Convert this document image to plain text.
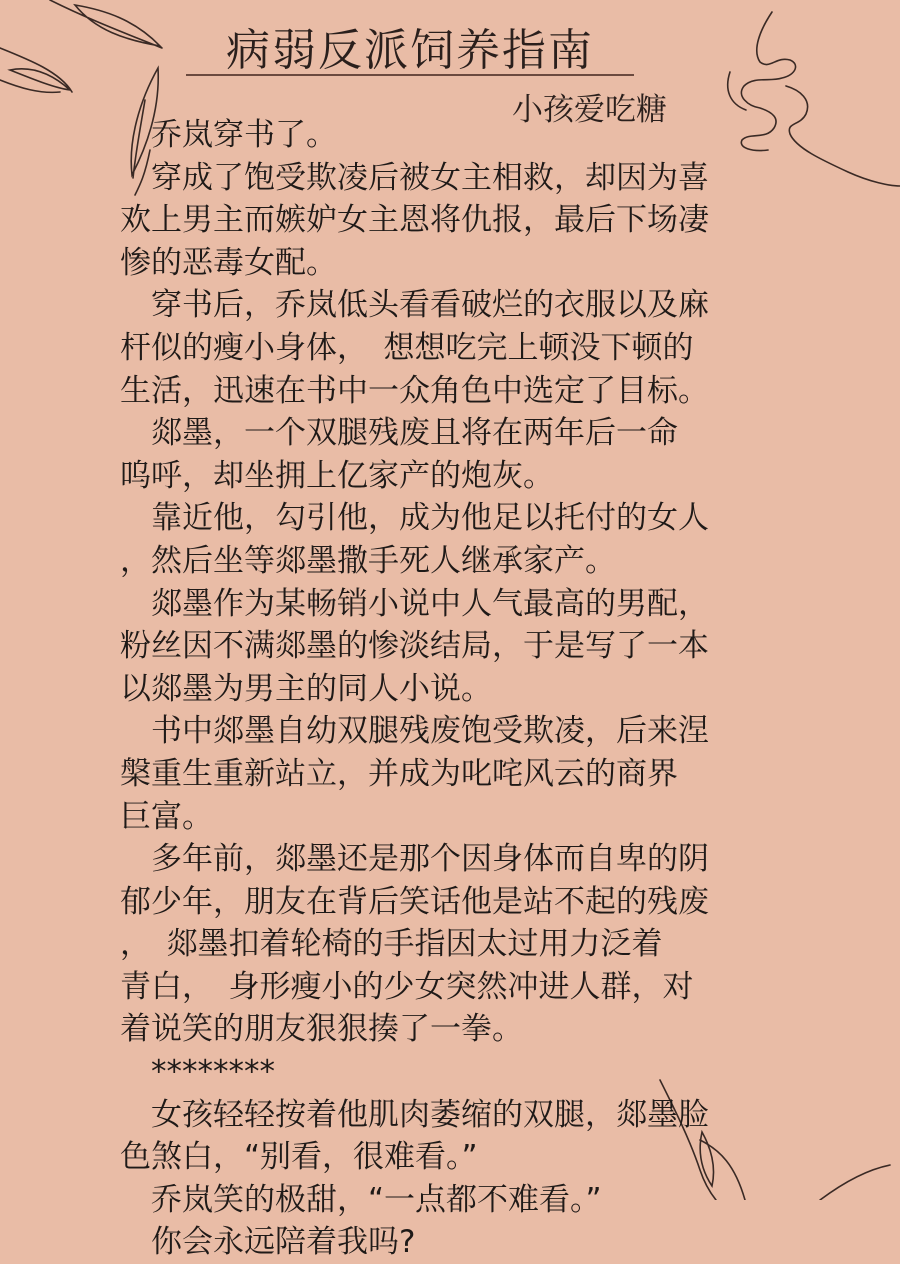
病弱反派饲养指南
小孩爱吃糖

　乔岚穿书了。

　穿成了饱受欺凌后被女主相救，却因为喜

欢上男主而嫉妒女主恩将仇报，最后下场凄

惨的恶毒女配。

　穿书后，乔岚低头看看破烂的衣服以及麻

杆似的瘦小身体，　想想吃完上顿没下顿的

生活，迅速在书中一众角色中选定了目标。

　郯墨，一个双腿残废且将在两年后一命

呜呼，却坐拥上亿家产的炮灰。

　靠近他，勾引他，成为他足以托付的女人

，然后坐等郯墨撒手死人继承家产。

　郯墨作为某畅销小说中人气最高的男配，

粉丝因不满郯墨的惨淡结局，于是写了一本

以郯墨为男主的同人小说。

　书中郯墨自幼双腿残废饱受欺凌，后来涅

槃重生重新站立，并成为叱咤风云的商界

巨富。

　多年前，郯墨还是那个因身体而自卑的阴

郁少年，朋友在背后笑话他是站不起的残废

，　郯墨扣着轮椅的手指因太过用力泛着

青白，　身形瘦小的少女突然冲进人群，对

着说笑的朋友狠狠揍了一拳。

　********

　女孩轻轻按着他肌肉萎缩的双腿，郯墨脸

色煞白，“别看，很难看。”

　乔岚笑的极甜，“一点都不难看。”

　你会永远陪着我吗?
